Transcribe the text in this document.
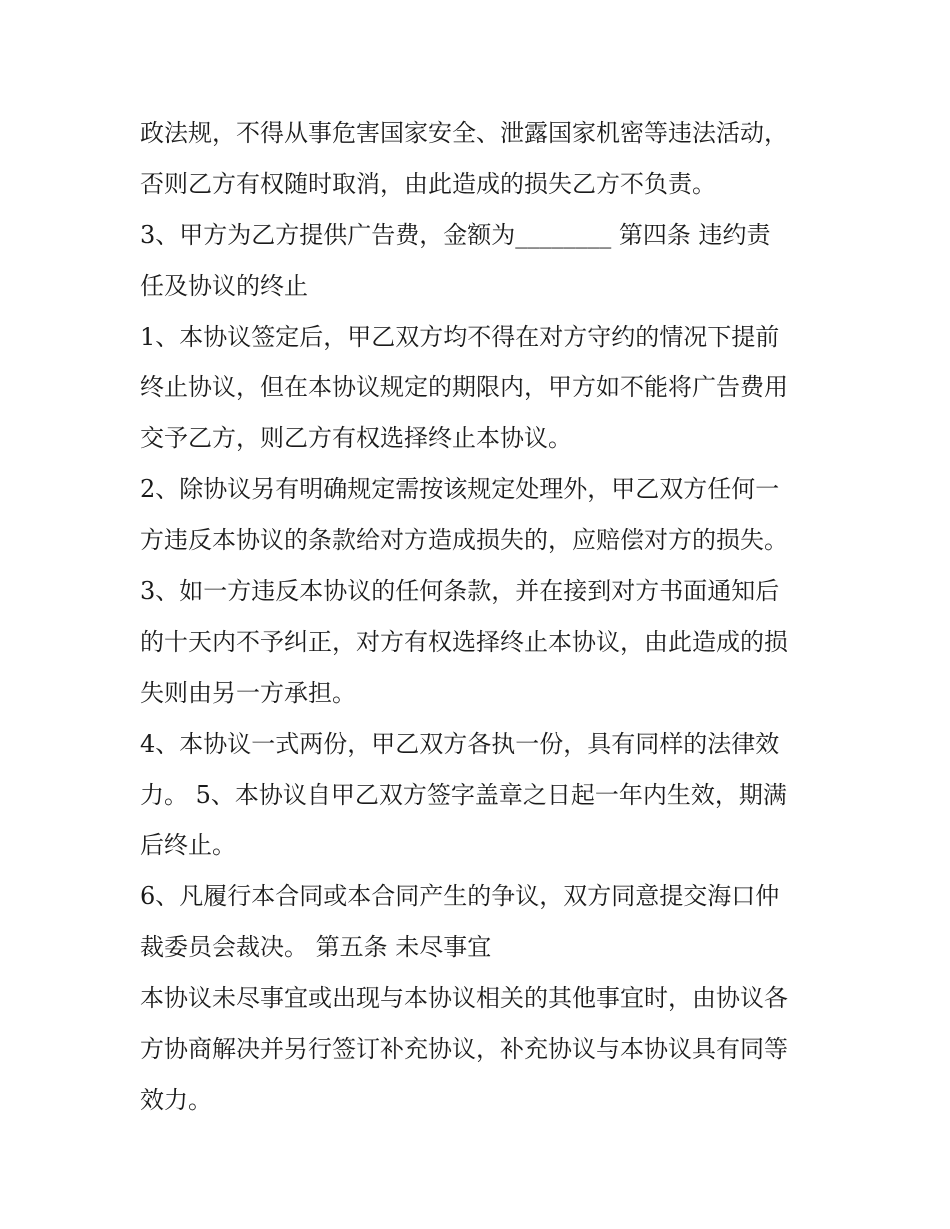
政法规，不得从事危害国家安全、泄露国家机密等违法活动，
否则乙方有权随时取消，由此造成的损失乙方不负责。
3、甲方为乙方提供广告费，金额为________ 第四条 违约责
任及协议的终止
1、本协议签定后，甲乙双方均不得在对方守约的情况下提前
终止协议，但在本协议规定的期限内，甲方如不能将广告费用
交予乙方，则乙方有权选择终止本协议。
2、除协议另有明确规定需按该规定处理外，甲乙双方任何一
方违反本协议的条款给对方造成损失的，应赔偿对方的损失。
3、如一方违反本协议的任何条款，并在接到对方书面通知后
的十天内不予纠正，对方有权选择终止本协议，由此造成的损
失则由另一方承担。
4、本协议一式两份，甲乙双方各执一份，具有同样的法律效
力。 5、本协议自甲乙双方签字盖章之日起一年内生效，期满
后终止。
6、凡履行本合同或本合同产生的争议，双方同意提交海口仲
裁委员会裁决。 第五条 未尽事宜
本协议未尽事宜或出现与本协议相关的其他事宜时，由协议各
方协商解决并另行签订补充协议，补充协议与本协议具有同等
效力。
